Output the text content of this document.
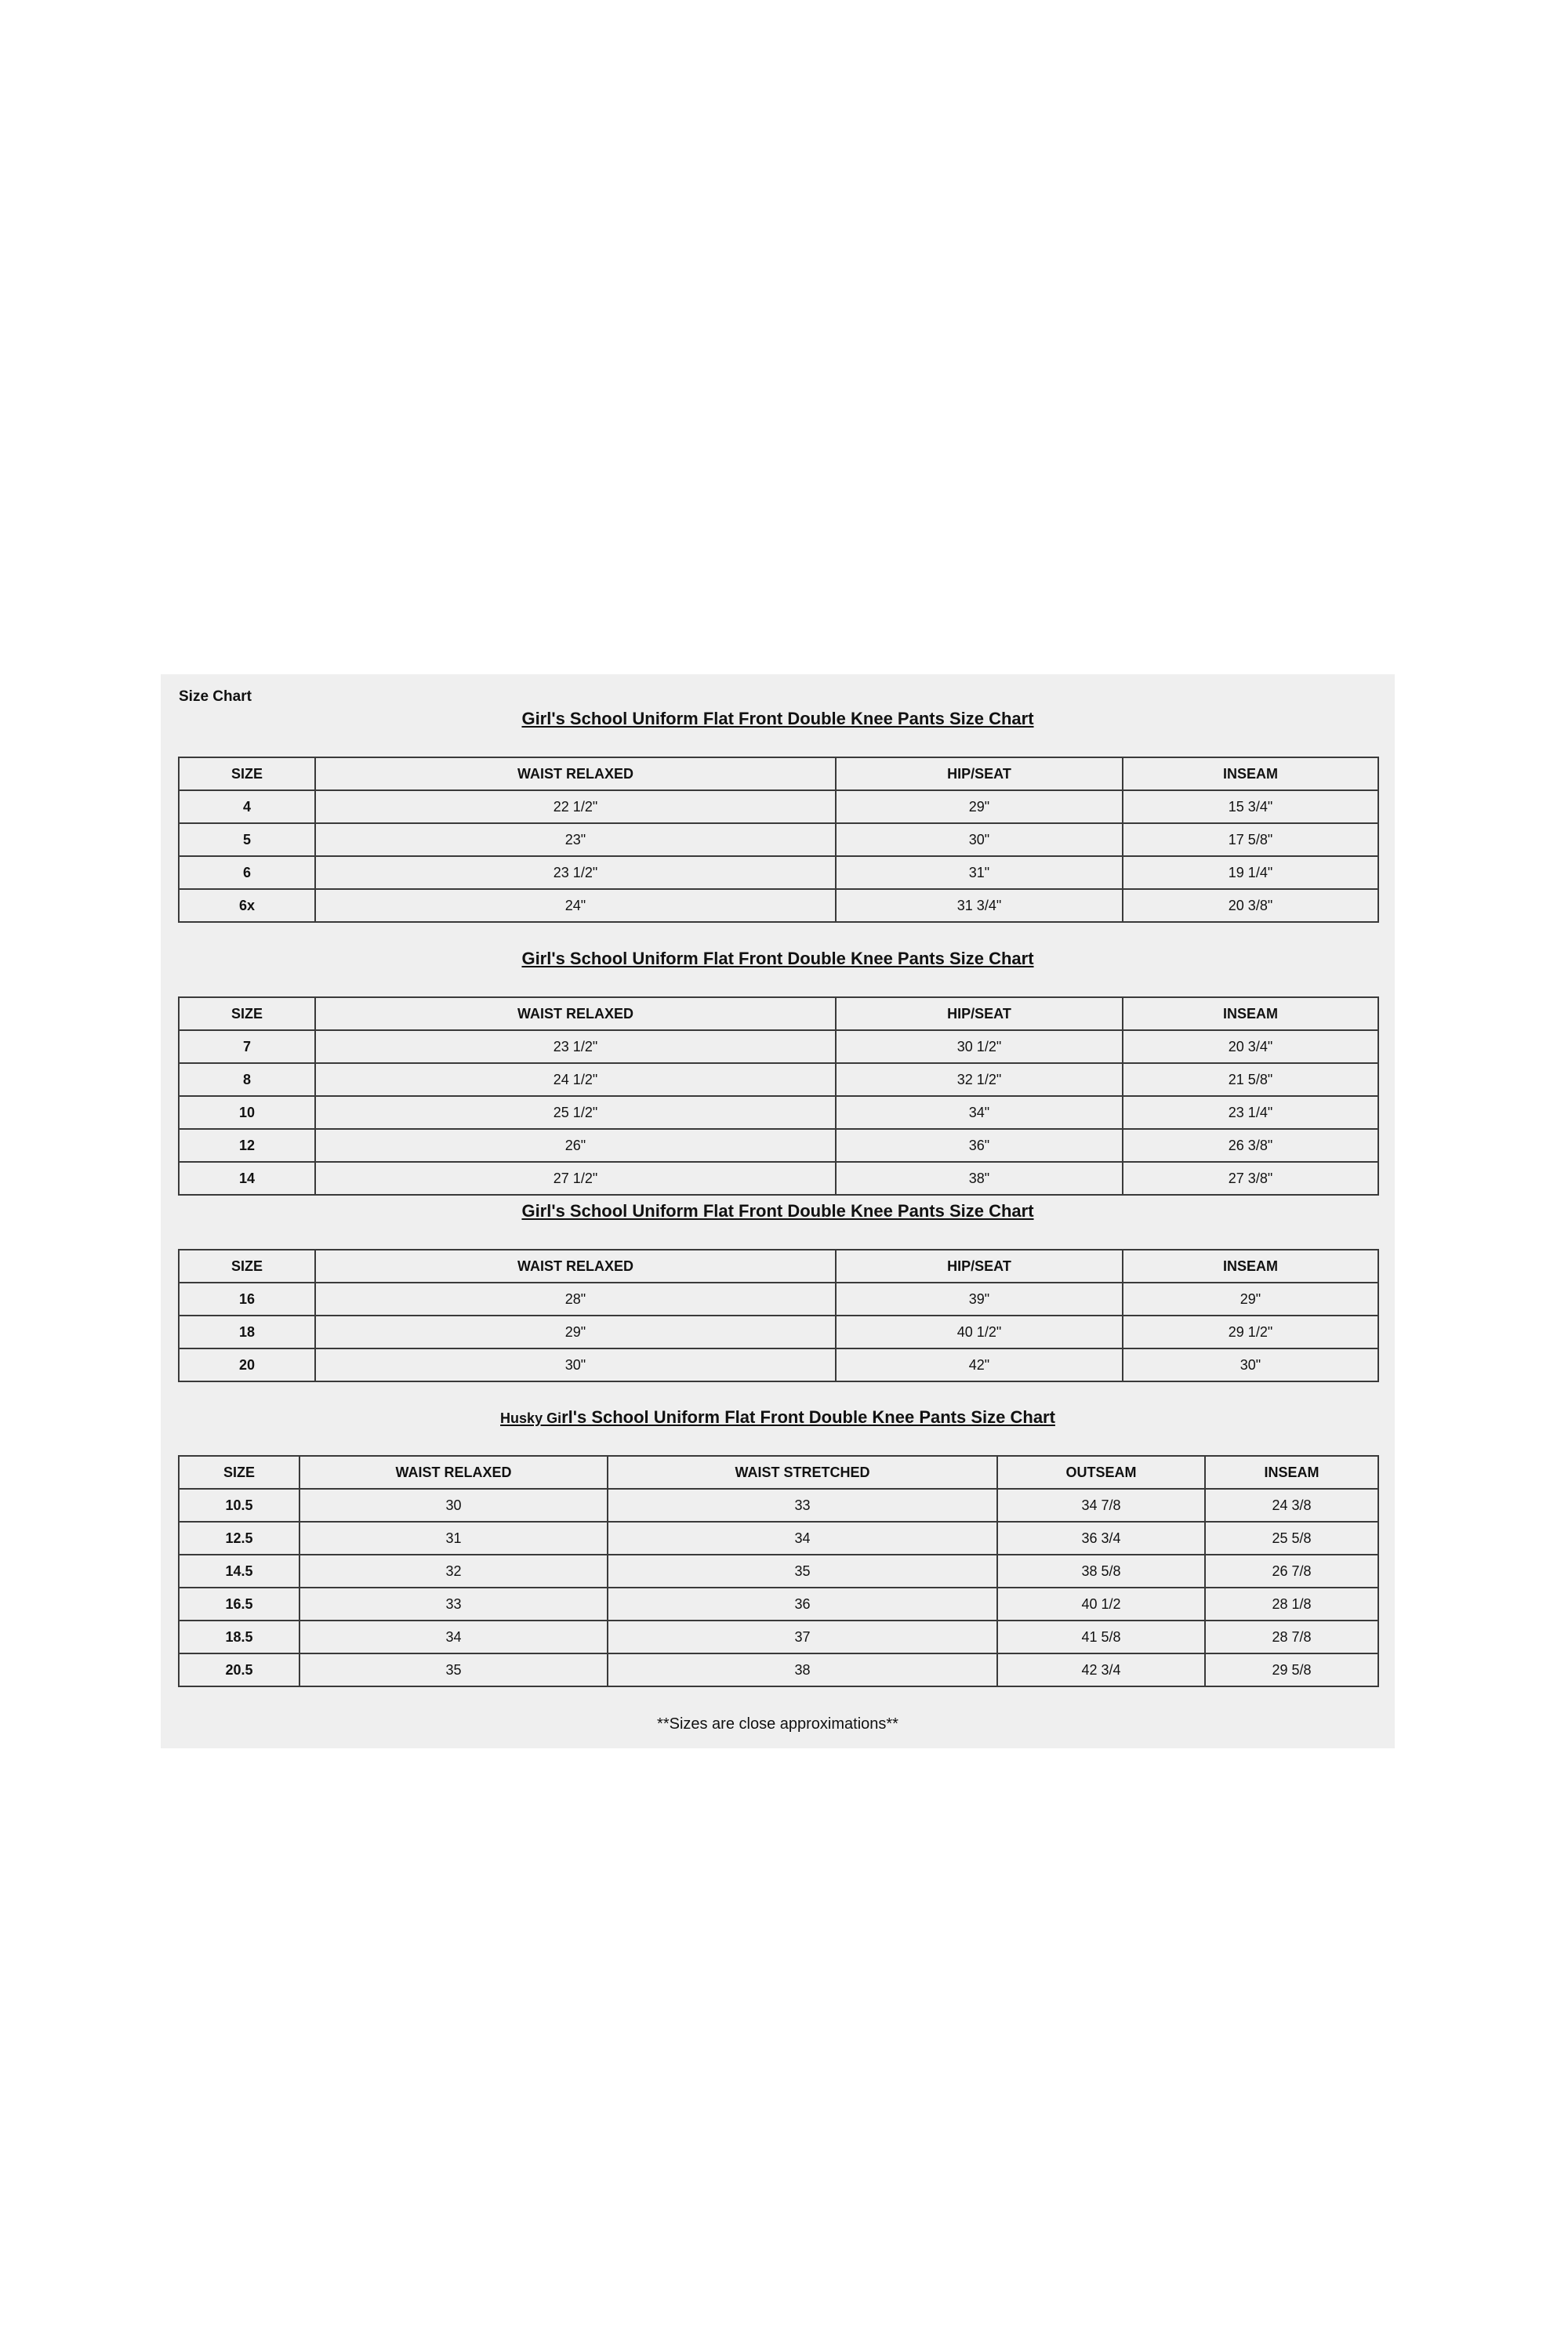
Size Chart
Girl's School Uniform Flat Front Double Knee Pants Size Chart
SIZE	WAIST RELAXED	HIP/SEAT	INSEAM
4	22 1/2"	29"	15 3/4"
5	23"	30"	17 5/8"
6	23 1/2"	31"	19 1/4"
6x	24"	31 3/4"	20 3/8"
Girl's School Uniform Flat Front Double Knee Pants Size Chart
SIZE	WAIST RELAXED	HIP/SEAT	INSEAM
7	23 1/2"	30 1/2"	20 3/4"
8	24 1/2"	32 1/2"	21 5/8"
10	25 1/2"	34"	23 1/4"
12	26"	36"	26 3/8"
14	27 1/2"	38"	27 3/8"
Girl's School Uniform Flat Front Double Knee Pants Size Chart
SIZE	WAIST RELAXED	HIP/SEAT	INSEAM
16	28"	39"	29"
18	29"	40 1/2"	29 1/2"
20	30"	42"	30"
Husky Girl's School Uniform Flat Front Double Knee Pants Size Chart
SIZE	WAIST RELAXED	WAIST STRETCHED	OUTSEAM	INSEAM
10.5	30	33	34 7/8	24 3/8
12.5	31	34	36 3/4	25 5/8
14.5	32	35	38 5/8	26 7/8
16.5	33	36	40 1/2	28 1/8
18.5	34	37	41 5/8	28 7/8
20.5	35	38	42 3/4	29 5/8
**Sizes are close approximations**
